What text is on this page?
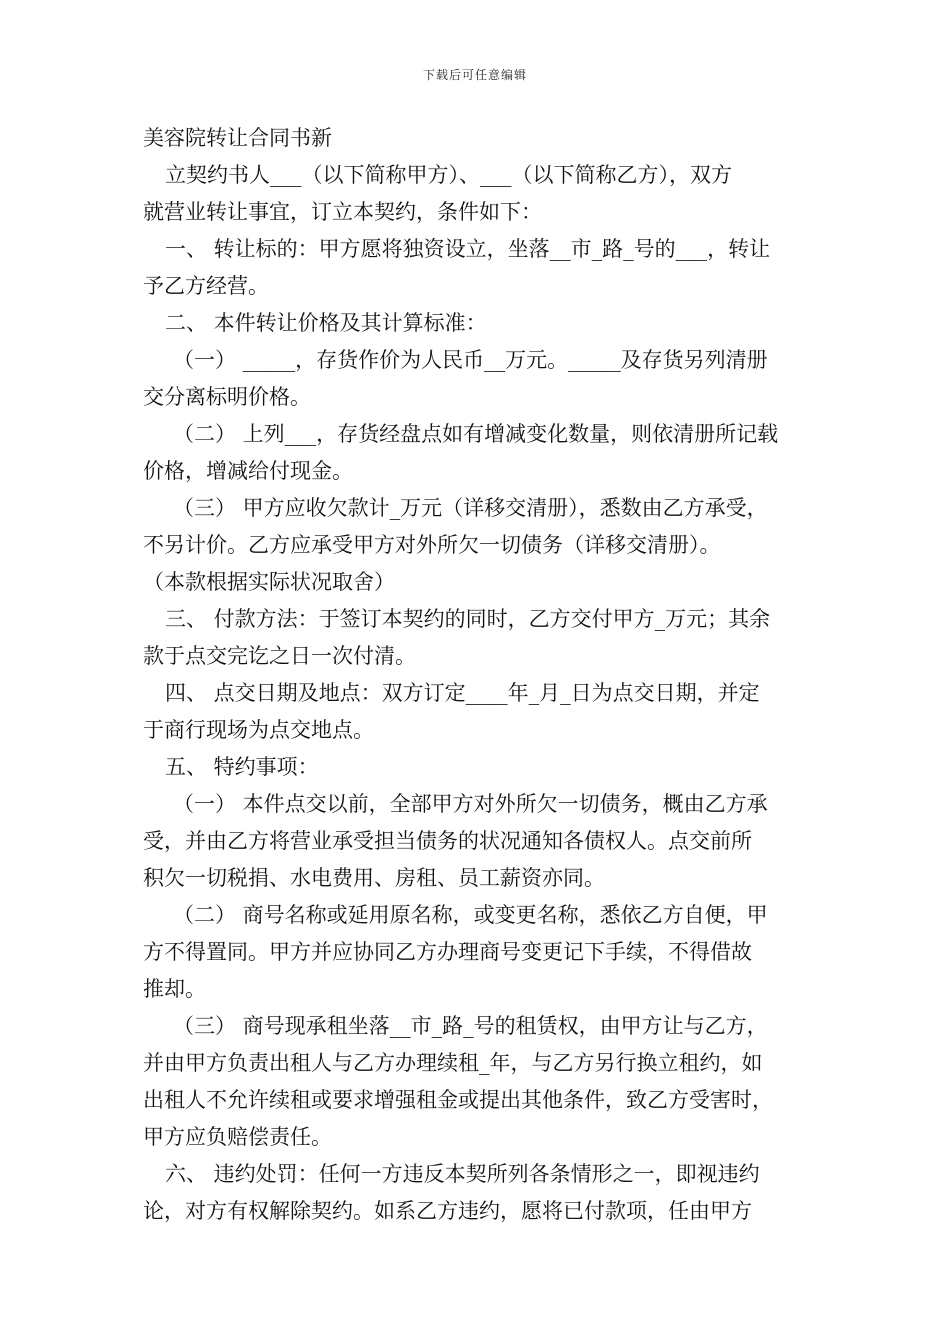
下载后可任意编辑
美容院转让合同书新
立契约书人___（以下简称甲方）、___（以下简称乙方），双方
就营业转让事宜，订立本契约，条件如下：
一、 转让标的：甲方愿将独资设立，坐落__市_路_号的___，转让
予乙方经营。
二、 本件转让价格及其计算标准：
（一） _____，存货作价为人民币__万元。_____及存货另列清册
交分离标明价格。
（二） 上列___，存货经盘点如有增减变化数量，则依清册所记载
价格，增减给付现金。
（三） 甲方应收欠款计_万元（详移交清册），悉数由乙方承受，
不另计价。乙方应承受甲方对外所欠一切债务（详移交清册）。
（本款根据实际状况取舍）
三、 付款方法：于签订本契约的同时，乙方交付甲方_万元；其余
款于点交完讫之日一次付清。
四、 点交日期及地点：双方订定____年_月_日为点交日期，并定
于商行现场为点交地点。
五、 特约事项：
（一） 本件点交以前，全部甲方对外所欠一切债务，概由乙方承
受，并由乙方将营业承受担当债务的状况通知各债权人。点交前所
积欠一切税捐、水电费用、房租、员工薪资亦同。
（二） 商号名称或延用原名称，或变更名称，悉依乙方自便，甲
方不得置同。甲方并应协同乙方办理商号变更记下手续，不得借故
推却。
（三） 商号现承租坐落__市_路_号的租赁权，由甲方让与乙方，
并由甲方负责出租人与乙方办理续租_年，与乙方另行换立租约，如
出租人不允许续租或要求增强租金或提出其他条件，致乙方受害时，
甲方应负赔偿责任。
六、 违约处罚：任何一方违反本契所列各条情形之一，即视违约
论，对方有权解除契约。如系乙方违约，愿将已付款项，任由甲方
